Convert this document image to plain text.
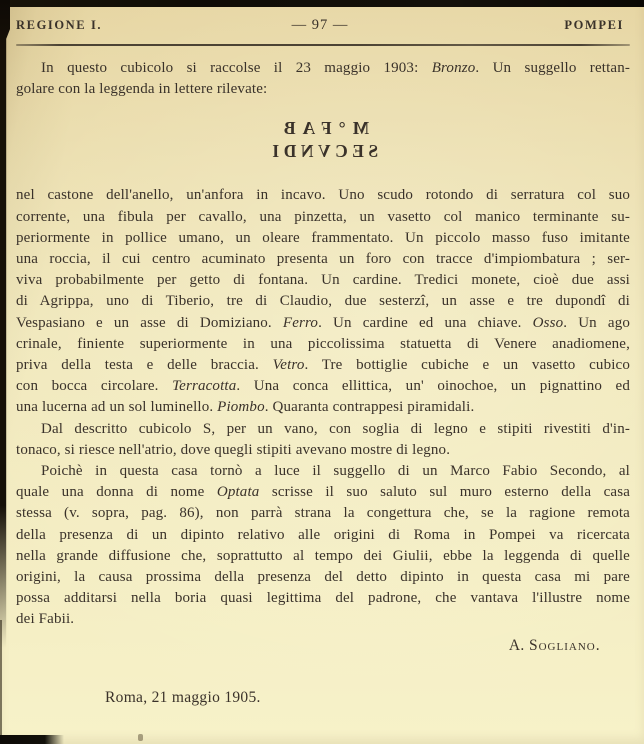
REGIONE I.	— 97 —	POMPEI
In questo cubicolo si raccolse il 23 maggio 1903: Bronzo. Un suggello rettan-
golare con la leggenda in lettere rilevate:
M°FAB
SECVNDI
nel castone dell'anello, un'anfora in incavo. Uno scudo rotondo di serratura col suo
corrente, una fibula per cavallo, una pinzetta, un vasetto col manico terminante su-
periormente in pollice umano, un oleare frammentato. Un piccolo masso fuso imitante
una roccia, il cui centro acuminato presenta un foro con tracce d'impiombatura ; ser-
viva probabilmente per getto di fontana. Un cardine. Tredici monete, cioè due assi
di Agrippa, uno di Tiberio, tre di Claudio, due sesterzî, un asse e tre dupondî di
Vespasiano e un asse di Domiziano. Ferro. Un cardine ed una chiave. Osso. Un ago
crinale, finiente superiormente in una piccolissima statuetta di Venere anadiomene,
priva della testa e delle braccia. Vetro. Tre bottiglie cubiche e un vasetto cubico
con bocca circolare. Terracotta. Una conca ellittica, un' oinochoe, un pignattino ed
una lucerna ad un sol luminello. Piombo. Quaranta contrappesi piramidali.
Dal descritto cubicolo S, per un vano, con soglia di legno e stipiti rivestiti d'in-
tonaco, si riesce nell'atrio, dove quegli stipiti avevano mostre di legno.
Poichè in questa casa tornò a luce il suggello di un Marco Fabio Secondo, al
quale una donna di nome Optata scrisse il suo saluto sul muro esterno della casa
stessa (v. sopra, pag. 86), non parrà strana la congettura che, se la ragione remota
della presenza di un dipinto relativo alle origini di Roma in Pompei va ricercata
nella grande diffusione che, soprattutto al tempo dei Giulii, ebbe la leggenda di quelle
origini, la causa prossima della presenza del detto dipinto in questa casa mi pare
possa additarsi nella boria quasi legittima del padrone, che vantava l'illustre nome
dei Fabii.
A. Sogliano.
Roma, 21 maggio 1905.
